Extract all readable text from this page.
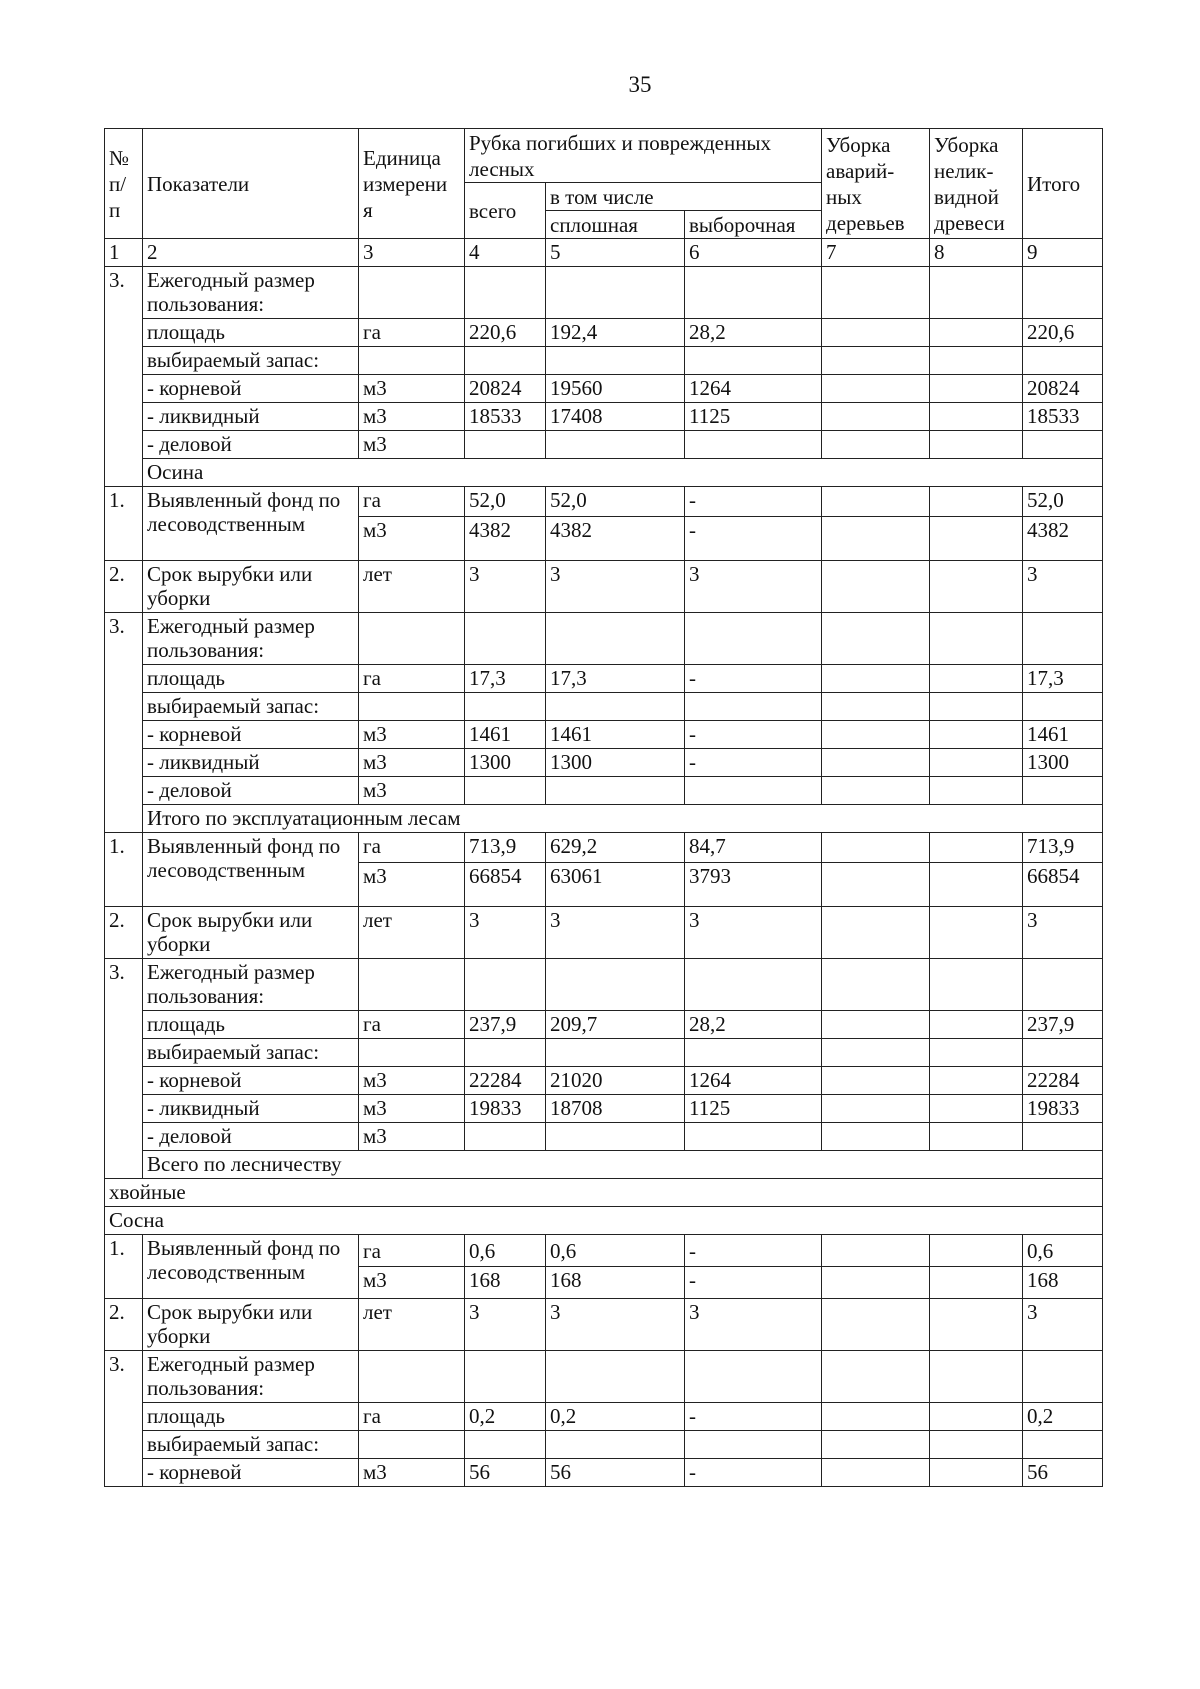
35
№ п/ п	Показатели	Единица измерени я	Рубка погибших и поврежденных лесных			Уборка аварий- ных деревьев	Уборка нелик- видной древеси	Итого
			всего	в том числе				
				сплошная	выборочная			
1	2	3	4	5	6	7	8	9
3.	Ежегодный размер пользования:							
	площадь	га	220,6	192,4	28,2			220,6
	выбираемый запас:							
	- корневой	м3	20824	19560	1264			20824
	- ликвидный	м3	18533	17408	1125			18533
	- деловой	м3						
	Осина							
1.	Выявленный фонд по лесоводственным	га	52,0	52,0	-			52,0
		м3	4382	4382	-			4382
2.	Срок вырубки или уборки	лет	3	3	3			3
3.	Ежегодный размер пользования:							
	площадь	га	17,3	17,3	-			17,3
	выбираемый запас:							
	- корневой	м3	1461	1461	-			1461
	- ликвидный	м3	1300	1300	-			1300
	- деловой	м3						
	Итого по эксплуатационным лесам							
1.	Выявленный фонд по лесоводственным	га	713,9	629,2	84,7			713,9
		м3	66854	63061	3793			66854
2.	Срок вырубки или уборки	лет	3	3	3			3
3.	Ежегодный размер пользования:							
	площадь	га	237,9	209,7	28,2			237,9
	выбираемый запас:							
	- корневой	м3	22284	21020	1264			22284
	- ликвидный	м3	19833	18708	1125			19833
	- деловой	м3						
	Всего по лесничеству							
хвойные								
Сосна								
1.	Выявленный фонд по лесоводственным	га	0,6	0,6	-			0,6
		м3	168	168	-			168
2.	Срок вырубки или уборки	лет	3	3	3			3
3.	Ежегодный размер пользования:							
	площадь	га	0,2	0,2	-			0,2
	выбираемый запас:							
	- корневой	м3	56	56	-			56
